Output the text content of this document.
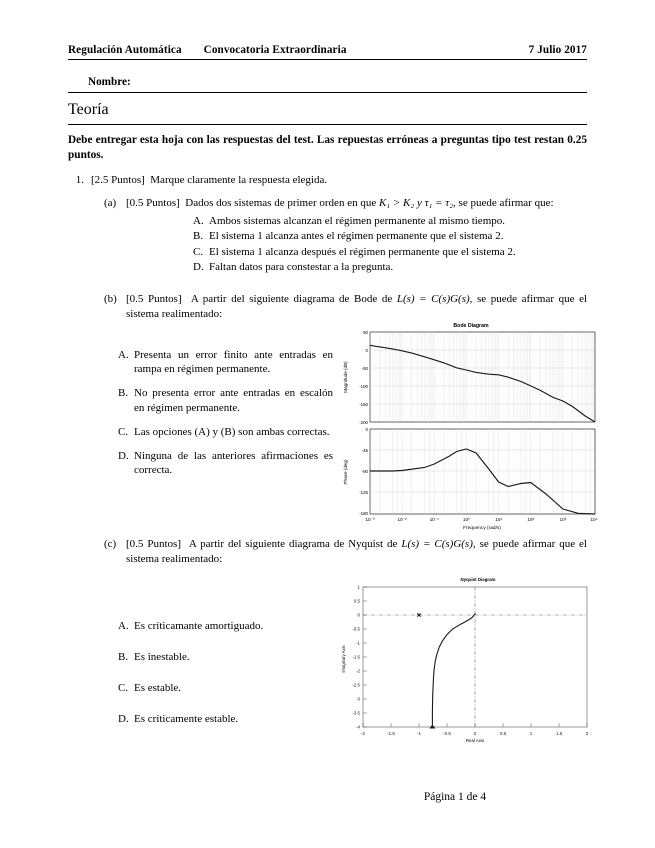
Regulación Automática Convocatoria Extraordinaria	7 Julio 2017
Nombre:
Teoría
Debe entregar esta hoja con las respuestas del test. Las repuestas erróneas a preguntas tipo test restan 0.25 puntos.
1. [2.5 Puntos] Marque claramente la respuesta elegida.
(a) [0.5 Puntos] Dados dos sistemas de primer orden en que K₁ > K₂ y τ₁ = τ₂, se puede afirmar que:
A. Ambos sistemas alcanzan el régimen permanente al mismo tiempo.
B. El sistema 1 alcanza antes el régimen permanente que el sistema 2.
C. El sistema 1 alcanza después el régimen permanente que el sistema 2.
D. Faltan datos para constestar a la pregunta.
(b) [0.5 Puntos] A partir del siguiente diagrama de Bode de L(s) = C(s)G(s), se puede afirmar que el sistema realimentado:
A. Presenta un error finito ante entradas en rampa en régimen permanente.
B. No presenta error ante entradas en escalón en régimen permanente.
C. Las opciones (A) y (B) son ambas correctas.
D. Ninguna de las anteriores afirmaciones es correcta.
Bode Diagram
50
0
-50
-100
-150
-200
Magnitude (dB)
0
-45
-90
-125
-180
Phase (deg)
10⁻³	10⁻²	10⁻¹	10⁰	10¹	10²	10³	10⁴
Frequency (rad/s)
(c) [0.5 Puntos] A partir del siguiente diagrama de Nyquist de L(s) = C(s)G(s), se puede afirmar que el sistema realimentado:
A. Es críticamante amortiguado.
B. Es inestable.
C. Es estable.
D. Es críticamente estable.
Nyquist Diagram
1
0.5
0
-0.5
-1
-1.5
-2
-2.5
-3
-3.5
-4
-2	-1.5	-1	-0.5	0	0.5	1	1.5	2
Real Axis
Imaginary Axis
Página 1 de 4
